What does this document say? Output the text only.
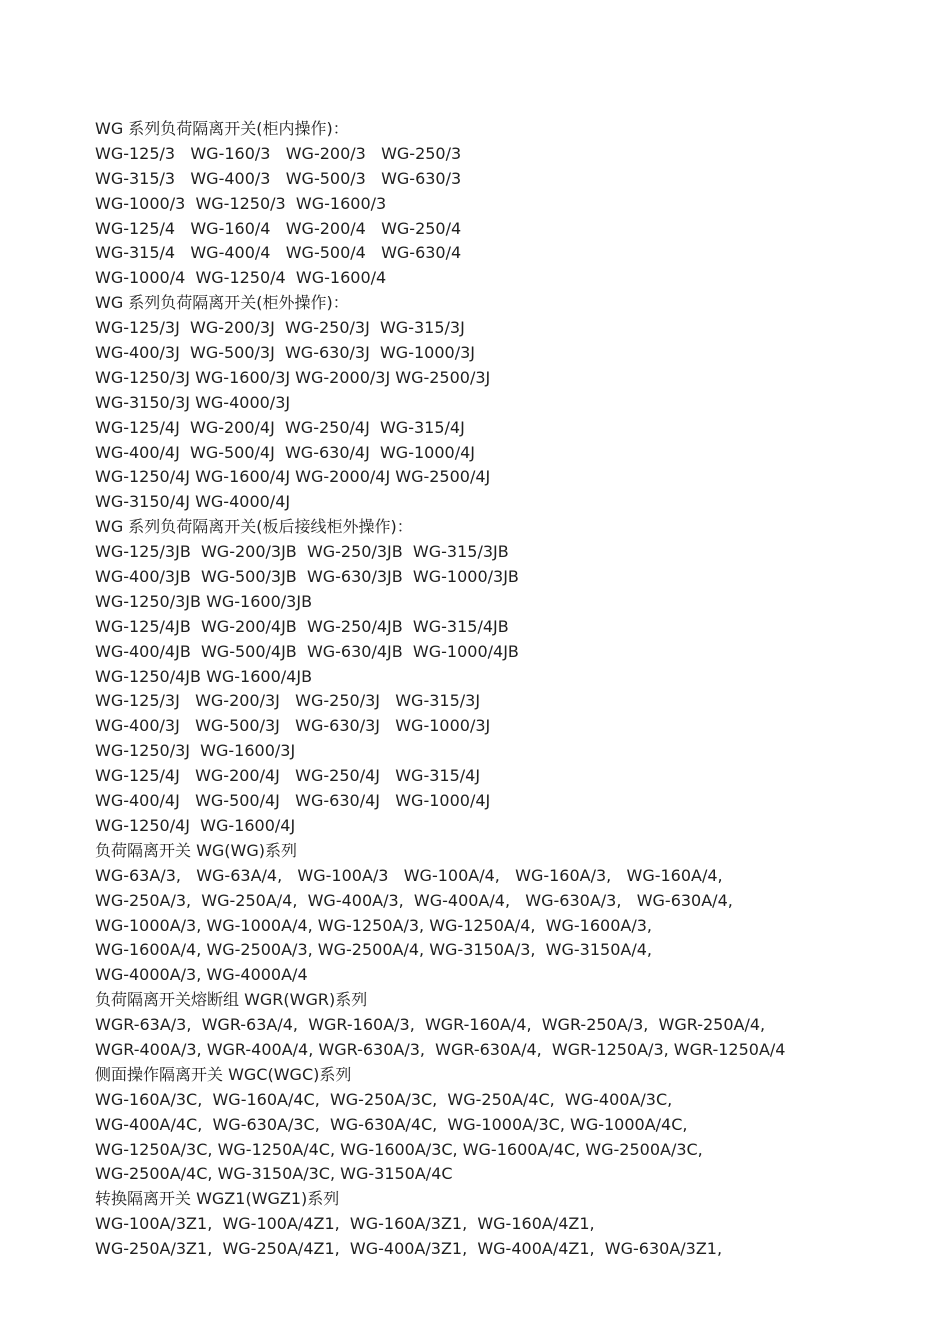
WG 系列负荷隔离开关(柜内操作)：
WG-125/3   WG-160/3   WG-200/3   WG-250/3
WG-315/3   WG-400/3   WG-500/3   WG-630/3
WG-1000/3  WG-1250/3  WG-1600/3
WG-125/4   WG-160/4   WG-200/4   WG-250/4
WG-315/4   WG-400/4   WG-500/4   WG-630/4
WG-1000/4  WG-1250/4  WG-1600/4
WG 系列负荷隔离开关(柜外操作)：
WG-125/3J  WG-200/3J  WG-250/3J  WG-315/3J
WG-400/3J  WG-500/3J  WG-630/3J  WG-1000/3J
WG-1250/3J WG-1600/3J WG-2000/3J WG-2500/3J
WG-3150/3J WG-4000/3J
WG-125/4J  WG-200/4J  WG-250/4J  WG-315/4J
WG-400/4J  WG-500/4J  WG-630/4J  WG-1000/4J
WG-1250/4J WG-1600/4J WG-2000/4J WG-2500/4J
WG-3150/4J WG-4000/4J
WG 系列负荷隔离开关(板后接线柜外操作)：
WG-125/3JB  WG-200/3JB  WG-250/3JB  WG-315/3JB
WG-400/3JB  WG-500/3JB  WG-630/3JB  WG-1000/3JB
WG-1250/3JB WG-1600/3JB
WG-125/4JB  WG-200/4JB  WG-250/4JB  WG-315/4JB
WG-400/4JB  WG-500/4JB  WG-630/4JB  WG-1000/4JB
WG-1250/4JB WG-1600/4JB
WG-125/3J   WG-200/3J   WG-250/3J   WG-315/3J
WG-400/3J   WG-500/3J   WG-630/3J   WG-1000/3J
WG-1250/3J  WG-1600/3J
WG-125/4J   WG-200/4J   WG-250/4J   WG-315/4J
WG-400/4J   WG-500/4J   WG-630/4J   WG-1000/4J
WG-1250/4J  WG-1600/4J
负荷隔离开关 WG(WG)系列
WG-63A/3,   WG-63A/4,   WG-100A/3   WG-100A/4,   WG-160A/3,   WG-160A/4,
WG-250A/3,  WG-250A/4,  WG-400A/3,  WG-400A/4,   WG-630A/3,   WG-630A/4,
WG-1000A/3, WG-1000A/4, WG-1250A/3, WG-1250A/4,  WG-1600A/3,
WG-1600A/4, WG-2500A/3, WG-2500A/4, WG-3150A/3,  WG-3150A/4,
WG-4000A/3, WG-4000A/4
负荷隔离开关熔断组 WGR(WGR)系列
WGR-63A/3,  WGR-63A/4,  WGR-160A/3,  WGR-160A/4,  WGR-250A/3,  WGR-250A/4,
WGR-400A/3, WGR-400A/4, WGR-630A/3,  WGR-630A/4,  WGR-1250A/3, WGR-1250A/4
侧面操作隔离开关 WGC(WGC)系列
WG-160A/3C,  WG-160A/4C,  WG-250A/3C,  WG-250A/4C,  WG-400A/3C,
WG-400A/4C,  WG-630A/3C,  WG-630A/4C,  WG-1000A/3C, WG-1000A/4C,
WG-1250A/3C, WG-1250A/4C, WG-1600A/3C, WG-1600A/4C, WG-2500A/3C,
WG-2500A/4C, WG-3150A/3C, WG-3150A/4C
转换隔离开关 WGZ1(WGZ1)系列
WG-100A/3Z1,  WG-100A/4Z1,  WG-160A/3Z1,  WG-160A/4Z1,
WG-250A/3Z1,  WG-250A/4Z1,  WG-400A/3Z1,  WG-400A/4Z1,  WG-630A/3Z1,
